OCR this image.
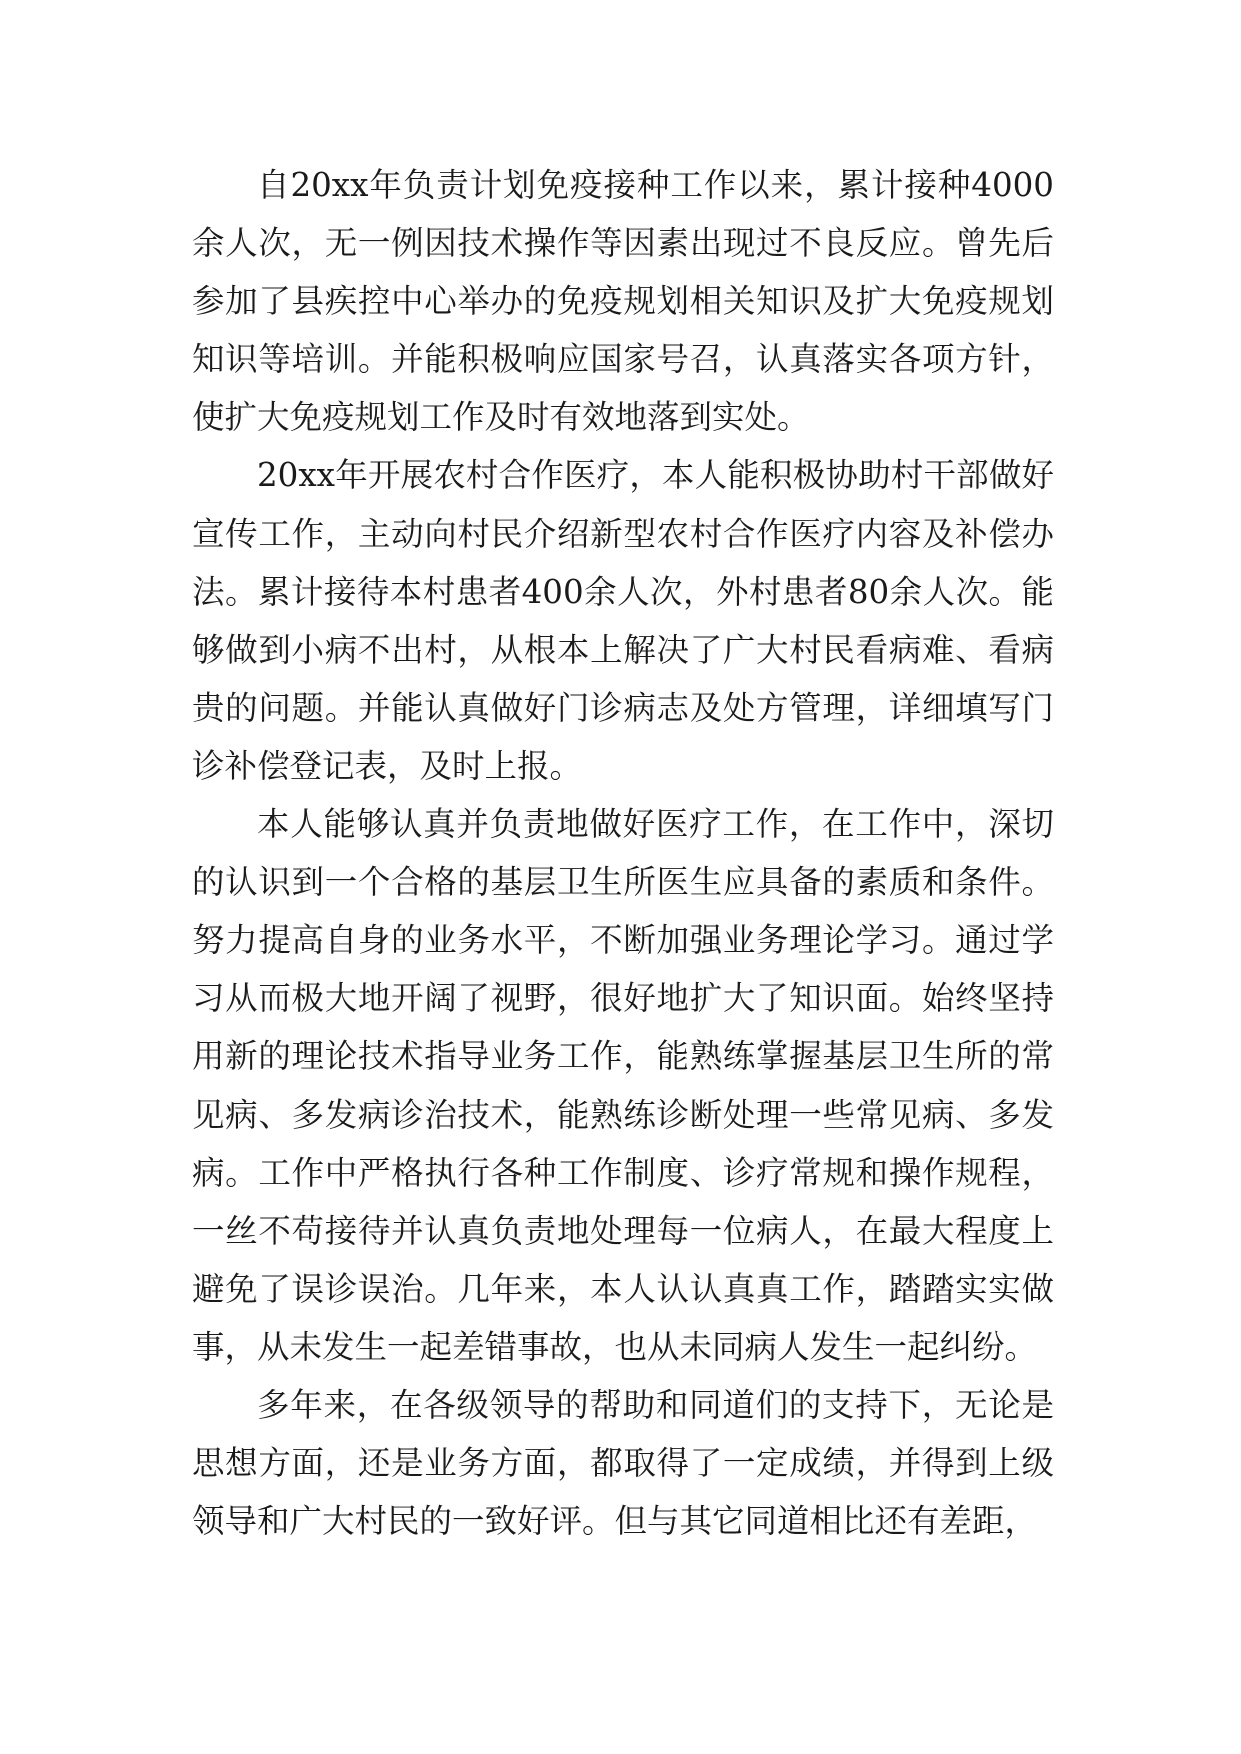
自20xx年负责计划免疫接种工作以来，累计接种4000余人次，无一例因技术操作等因素出现过不良反应。曾先后参加了县疾控中心举办的免疫规划相关知识及扩大免疫规划知识等培训。并能积极响应国家号召，认真落实各项方针，使扩大免疫规划工作及时有效地落到实处。

20xx年开展农村合作医疗，本人能积极协助村干部做好宣传工作，主动向村民介绍新型农村合作医疗内容及补偿办法。累计接待本村患者400余人次，外村患者80余人次。能够做到小病不出村，从根本上解决了广大村民看病难、看病贵的问题。并能认真做好门诊病志及处方管理，详细填写门诊补偿登记表，及时上报。

本人能够认真并负责地做好医疗工作，在工作中，深切的认识到一个合格的基层卫生所医生应具备的素质和条件。努力提高自身的业务水平，不断加强业务理论学习。通过学习从而极大地开阔了视野，很好地扩大了知识面。始终坚持用新的理论技术指导业务工作，能熟练掌握基层卫生所的常见病、多发病诊治技术，能熟练诊断处理一些常见病、多发病。工作中严格执行各种工作制度、诊疗常规和操作规程，一丝不苟接待并认真负责地处理每一位病人，在最大程度上避免了误诊误治。几年来，本人认认真真工作，踏踏实实做事，从未发生一起差错事故，也从未同病人发生一起纠纷。

多年来，在各级领导的帮助和同道们的支持下，无论是思想方面，还是业务方面，都取得了一定成绩，并得到上级领导和广大村民的一致好评。但与其它同道相比还有差距，
